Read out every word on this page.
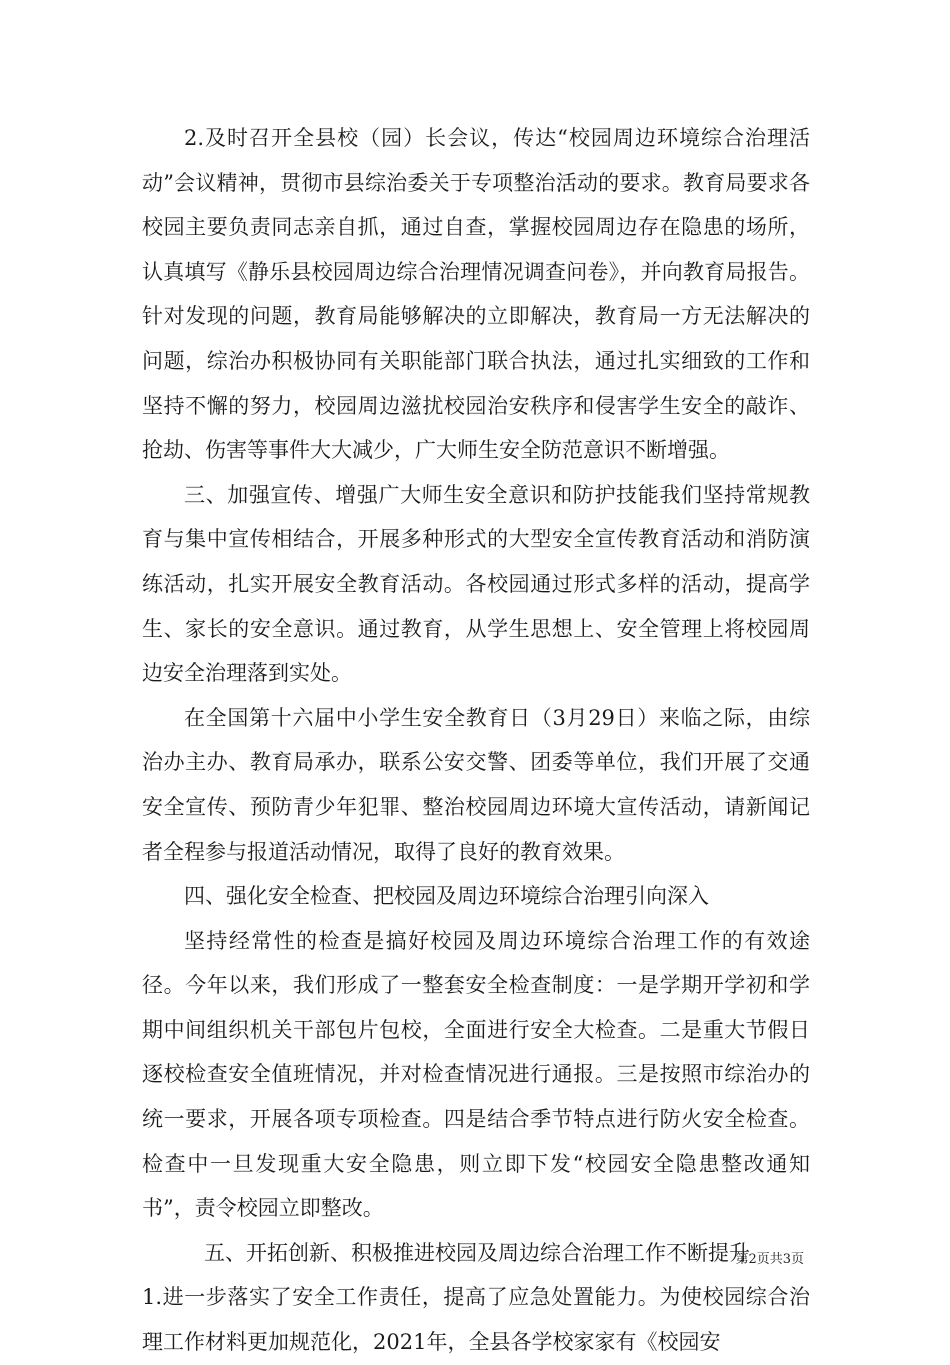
2.及时召开全县校（园）长会议，传达“校园周边环境综合治理活动”会议精神，贯彻市县综治委关于专项整治活动的要求。教育局要求各校园主要负责同志亲自抓，通过自查，掌握校园周边存在隐患的场所，认真填写《静乐县校园周边综合治理情况调查问卷》，并向教育局报告。针对发现的问题，教育局能够解决的立即解决，教育局一方无法解决的问题，综治办积极协同有关职能部门联合执法，通过扎实细致的工作和坚持不懈的努力，校园周边滋扰校园治安秩序和侵害学生安全的敲诈、抢劫、伤害等事件大大减少，广大师生安全防范意识不断增强。

三、加强宣传、增强广大师生安全意识和防护技能我们坚持常规教育与集中宣传相结合，开展多种形式的大型安全宣传教育活动和消防演练活动，扎实开展安全教育活动。各校园通过形式多样的活动，提高学生、家长的安全意识。通过教育，从学生思想上、安全管理上将校园周边安全治理落到实处。

在全国第十六届中小学生安全教育日（3月29日）来临之际，由综治办主办、教育局承办，联系公安交警、团委等单位，我们开展了交通安全宣传、预防青少年犯罪、整治校园周边环境大宣传活动，请新闻记者全程参与报道活动情况，取得了良好的教育效果。

四、强化安全检查、把校园及周边环境综合治理引向深入

坚持经常性的检查是搞好校园及周边环境综合治理工作的有效途径。今年以来，我们形成了一整套安全检查制度：一是学期开学初和学期中间组织机关干部包片包校，全面进行安全大检查。二是重大节假日逐校检查安全值班情况，并对检查情况进行通报。三是按照市综治办的统一要求，开展各项专项检查。四是结合季节特点进行防火安全检查。检查中一旦发现重大安全隐患，则立即下发“校园安全隐患整改通知书”，责令校园立即整改。

五、开拓创新、积极推进校园及周边综合治理工作不断提升

1.进一步落实了安全工作责任，提高了应急处置能力。为使校园综合治理工作材料更加规范化，2021年，全县各学校家家有《校园安

第2页共3页
